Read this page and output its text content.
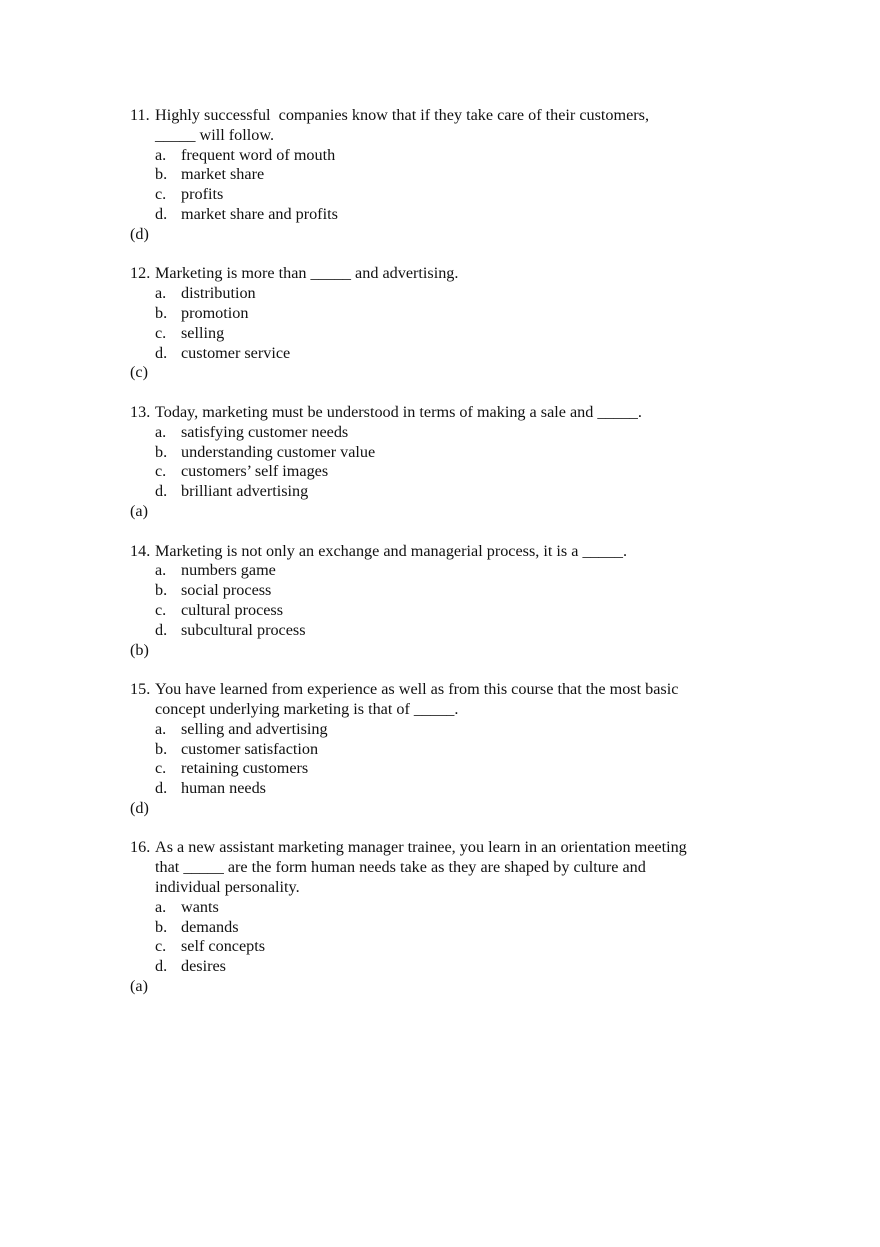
11. Highly successful  companies know that if they take care of their customers,
_____ will follow.
a. frequent word of mouth
b. market share
c. profits
d. market share and profits
(d)
12. Marketing is more than _____ and advertising.
a. distribution
b. promotion
c. selling
d. customer service
(c)
13. Today, marketing must be understood in terms of making a sale and _____.
a. satisfying customer needs
b. understanding customer value
c. customers’ self images
d. brilliant advertising
(a)
14. Marketing is not only an exchange and managerial process, it is a _____.
a. numbers game
b. social process
c. cultural process
d. subcultural process
(b)
15. You have learned from experience as well as from this course that the most basic
concept underlying marketing is that of _____.
a. selling and advertising
b. customer satisfaction
c. retaining customers
d. human needs
(d)
16. As a new assistant marketing manager trainee, you learn in an orientation meeting
that _____ are the form human needs take as they are shaped by culture and
individual personality.
a. wants
b. demands
c. self concepts
d. desires
(a)
